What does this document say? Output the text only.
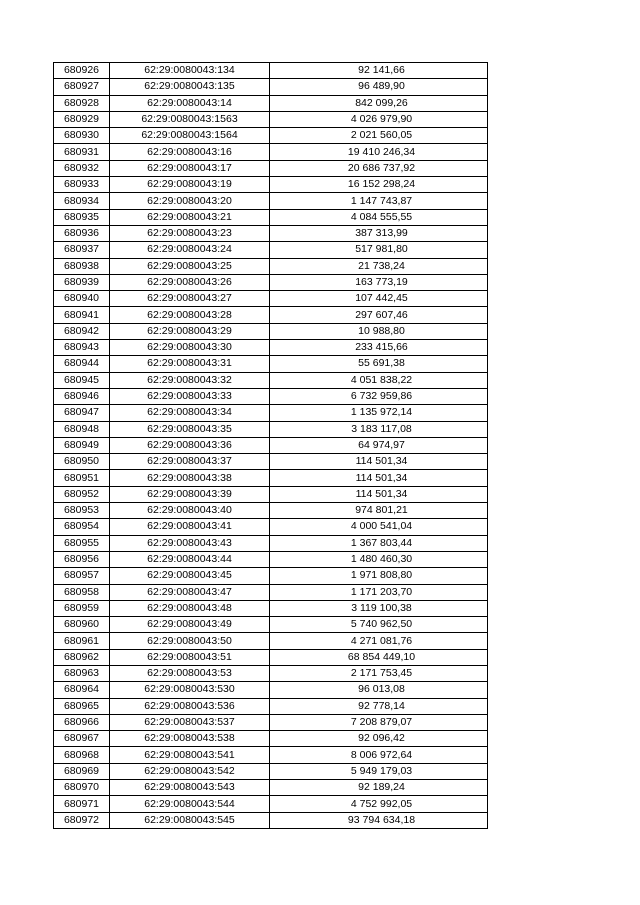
680926	62:29:0080043:134	92 141,66
680927	62:29:0080043:135	96 489,90
680928	62:29:0080043:14	842 099,26
680929	62:29:0080043:1563	4 026 979,90
680930	62:29:0080043:1564	2 021 560,05
680931	62:29:0080043:16	19 410 246,34
680932	62:29:0080043:17	20 686 737,92
680933	62:29:0080043:19	16 152 298,24
680934	62:29:0080043:20	1 147 743,87
680935	62:29:0080043:21	4 084 555,55
680936	62:29:0080043:23	387 313,99
680937	62:29:0080043:24	517 981,80
680938	62:29:0080043:25	21 738,24
680939	62:29:0080043:26	163 773,19
680940	62:29:0080043:27	107 442,45
680941	62:29:0080043:28	297 607,46
680942	62:29:0080043:29	10 988,80
680943	62:29:0080043:30	233 415,66
680944	62:29:0080043:31	55 691,38
680945	62:29:0080043:32	4 051 838,22
680946	62:29:0080043:33	6 732 959,86
680947	62:29:0080043:34	1 135 972,14
680948	62:29:0080043:35	3 183 117,08
680949	62:29:0080043:36	64 974,97
680950	62:29:0080043:37	114 501,34
680951	62:29:0080043:38	114 501,34
680952	62:29:0080043:39	114 501,34
680953	62:29:0080043:40	974 801,21
680954	62:29:0080043:41	4 000 541,04
680955	62:29:0080043:43	1 367 803,44
680956	62:29:0080043:44	1 480 460,30
680957	62:29:0080043:45	1 971 808,80
680958	62:29:0080043:47	1 171 203,70
680959	62:29:0080043:48	3 119 100,38
680960	62:29:0080043:49	5 740 962,50
680961	62:29:0080043:50	4 271 081,76
680962	62:29:0080043:51	68 854 449,10
680963	62:29:0080043:53	2 171 753,45
680964	62:29:0080043:530	96 013,08
680965	62:29:0080043:536	92 778,14
680966	62:29:0080043:537	7 208 879,07
680967	62:29:0080043:538	92 096,42
680968	62:29:0080043:541	8 006 972,64
680969	62:29:0080043:542	5 949 179,03
680970	62:29:0080043:543	92 189,24
680971	62:29:0080043:544	4 752 992,05
680972	62:29:0080043:545	93 794 634,18
